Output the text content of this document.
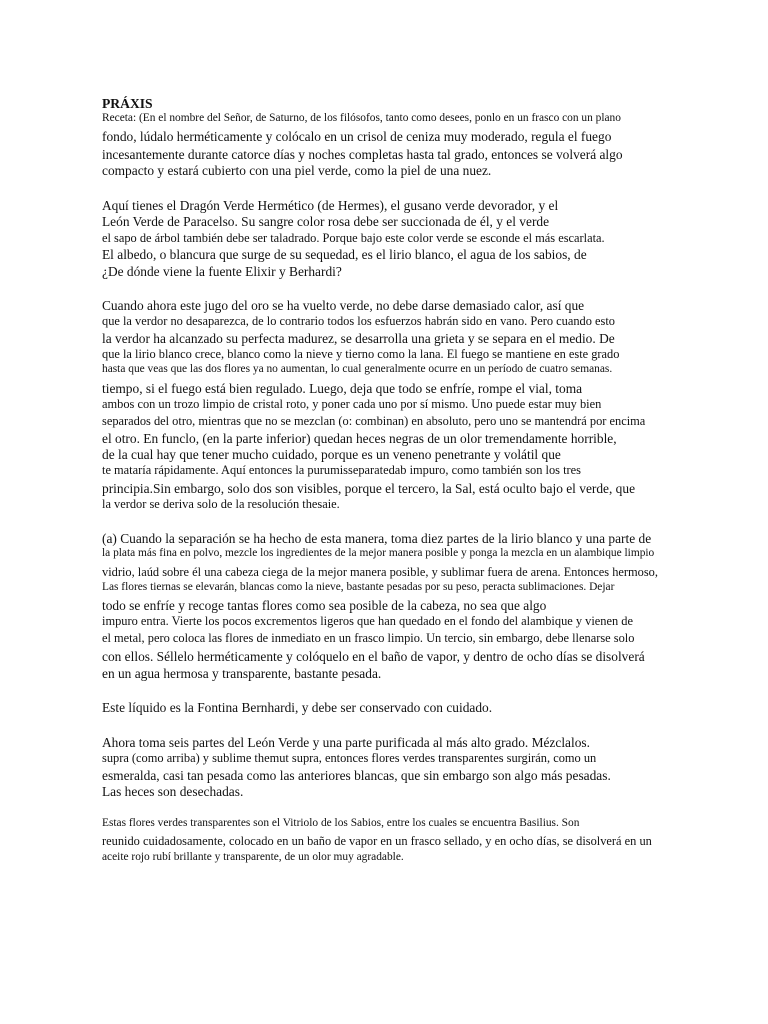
PRÁXIS
Receta: (En el nombre del Señor, de Saturno, de los filósofos, tanto como desees, ponlo en un frasco con un plano
fondo, lúdalo herméticamente y colócalo en un crisol de ceniza muy moderado, regula el fuego
incesantemente durante catorce días y noches completas hasta tal grado, entonces se volverá algo
compacto y estará cubierto con una piel verde, como la piel de una nuez.
Aquí tienes el Dragón Verde Hermético (de Hermes), el gusano verde devorador, y el
León Verde de Paracelso. Su sangre color rosa debe ser succionada de él, y el verde
el sapo de árbol también debe ser taladrado. Porque bajo este color verde se esconde el más escarlata.
El albedo, o blancura que surge de su sequedad, es el lirio blanco, el agua de los sabios, de
¿De dónde viene la fuente Elixir y Berhardi?
Cuando ahora este jugo del oro se ha vuelto verde, no debe darse demasiado calor, así que
que la verdor no desaparezca, de lo contrario todos los esfuerzos habrán sido en vano. Pero cuando esto
la verdor ha alcanzado su perfecta madurez, se desarrolla una grieta y se separa en el medio. De
que la lirio blanco crece, blanco como la nieve y tierno como la lana. El fuego se mantiene en este grado
hasta que veas que las dos flores ya no aumentan, lo cual generalmente ocurre en un período de cuatro semanas.
tiempo, si el fuego está bien regulado. Luego, deja que todo se enfríe, rompe el vial, toma
ambos con un trozo limpio de cristal roto, y poner cada uno por sí mismo. Uno puede estar muy bien
separados del otro, mientras que no se mezclan (o: combinan) en absoluto, pero uno se mantendrá por encima
el otro. En funclo, (en la parte inferior) quedan heces negras de un olor tremendamente horrible,
de la cual hay que tener mucho cuidado, porque es un veneno penetrante y volátil que
te mataría rápidamente. Aquí entonces la purumisseparatedab impuro, como también son los tres
principia.Sin embargo, solo dos son visibles, porque el tercero, la Sal, está oculto bajo el verde, que
la verdor se deriva solo de la resolución thesaie.
(a) Cuando la separación se ha hecho de esta manera, toma diez partes de la lirio blanco y una parte de
la plata más fina en polvo, mezcle los ingredientes de la mejor manera posible y ponga la mezcla en un alambique limpio
vidrio, laúd sobre él una cabeza ciega de la mejor manera posible, y sublimar fuera de arena. Entonces hermoso,
Las flores tiernas se elevarán, blancas como la nieve, bastante pesadas por su peso, peracta sublimaciones. Dejar
todo se enfríe y recoge tantas flores como sea posible de la cabeza, no sea que algo
impuro entra. Vierte los pocos excrementos ligeros que han quedado en el fondo del alambique y vienen de
el metal, pero coloca las flores de inmediato en un frasco limpio. Un tercio, sin embargo, debe llenarse solo
con ellos. Séllelo herméticamente y colóquelo en el baño de vapor, y dentro de ocho días se disolverá
en un agua hermosa y transparente, bastante pesada.
Este líquido es la Fontina Bernhardi, y debe ser conservado con cuidado.
Ahora toma seis partes del León Verde y una parte purificada al más alto grado. Mézclalos.
supra (como arriba) y sublime themut supra, entonces flores verdes transparentes surgirán, como un
esmeralda, casi tan pesada como las anteriores blancas, que sin embargo son algo más pesadas.
Las heces son desechadas.
Estas flores verdes transparentes son el Vitriolo de los Sabios, entre los cuales se encuentra Basilius. Son
reunido cuidadosamente, colocado en un baño de vapor en un frasco sellado, y en ocho días, se disolverá en un
aceite rojo rubí brillante y transparente, de un olor muy agradable.
